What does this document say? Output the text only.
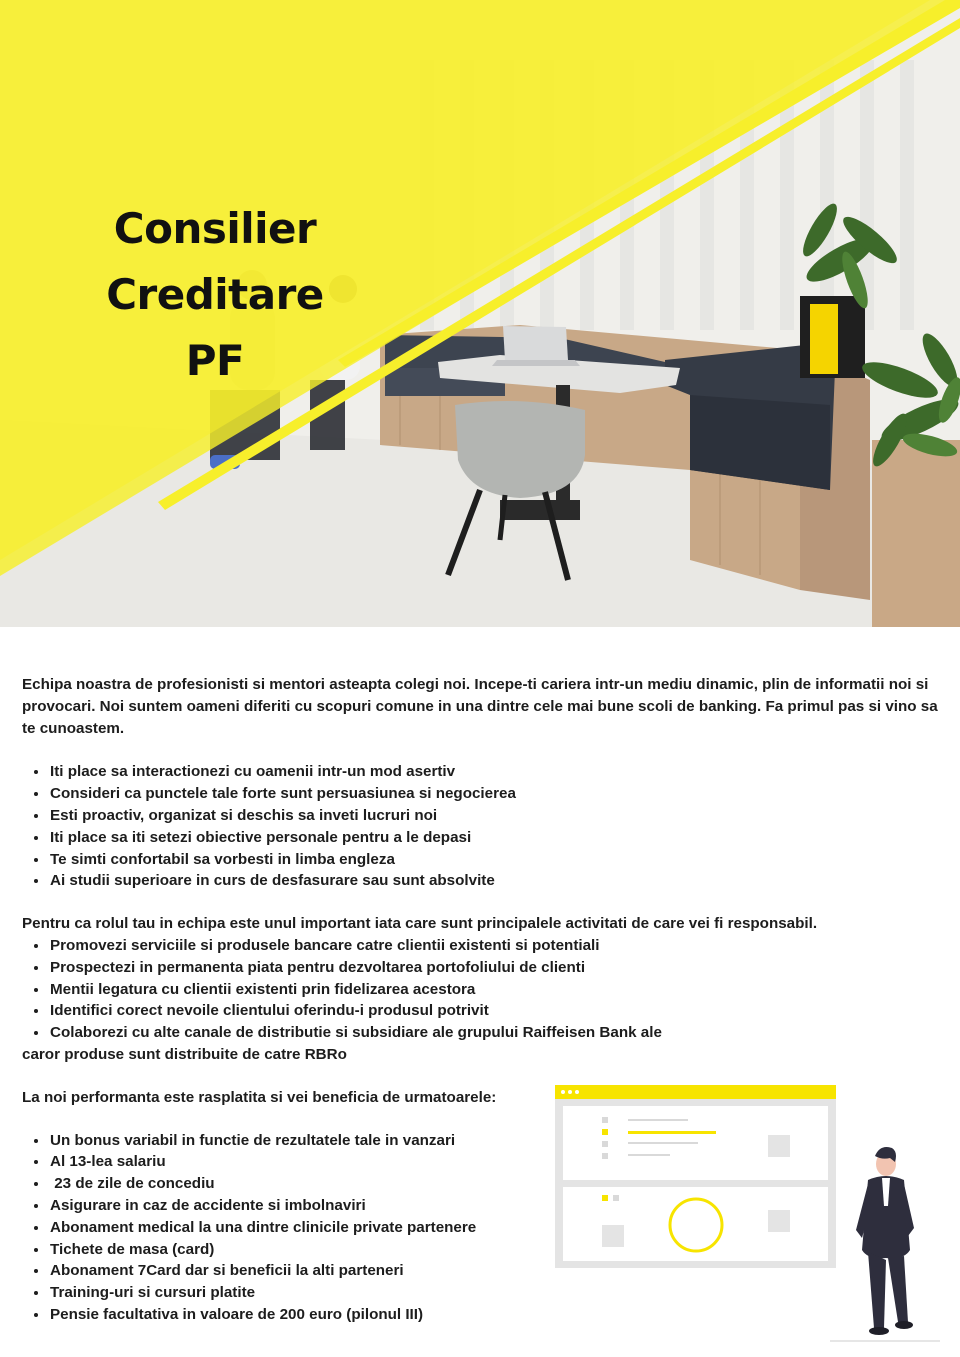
Consilier Creditare
PF

Echipa noastra de profesionisti si mentori asteapta colegi noi. Incepe-ti cariera intr-un mediu dinamic, plin de informatii noi si provocari. Noi suntem oameni diferiti cu scopuri comune in una dintre cele mai bune scoli de banking. Fa primul pas si vino sa te cunoastem.

• Iti place sa interactionezi cu oamenii intr-un mod asertiv
• Consideri ca punctele tale forte sunt persuasiunea si negocierea
• Esti proactiv, organizat si deschis sa inveti lucruri noi
• Iti place sa iti setezi obiective personale pentru a le depasi
• Te simti confortabil sa vorbesti in limba engleza
• Ai studii superioare in curs de desfasurare sau sunt absolvite

Pentru ca rolul tau in echipa este unul important iata care sunt principalele activitati de care vei fi responsabil.

• Promovezi serviciile si produsele bancare catre clientii existenti si potentiali
• Prospectezi in permanenta piata pentru dezvoltarea portofoliului de clienti
• Mentii legatura cu clientii existenti prin fidelizarea acestora
• Identifici corect nevoile clientului oferindu-i produsul potrivit
• Colaborezi cu alte canale de distributie si subsidiare ale grupului Raiffeisen Bank ale

caror produse sunt distribuite de catre RBRo

La noi performanta este rasplatita si vei beneficia de urmatoarele:

• Un bonus variabil in functie de rezultatele tale in vanzari
• Al 13-lea salariu
•  23 de zile de concediu
• Asigurare in caz de accidente si imbolnaviri
• Abonament medical la una dintre clinicile private partenere
• Tichete de masa (card)
• Abonament 7Card dar si beneficii la alti parteneri
• Training-uri si cursuri platite
• Pensie facultativa in valoare de 200 euro (pilonul III)
